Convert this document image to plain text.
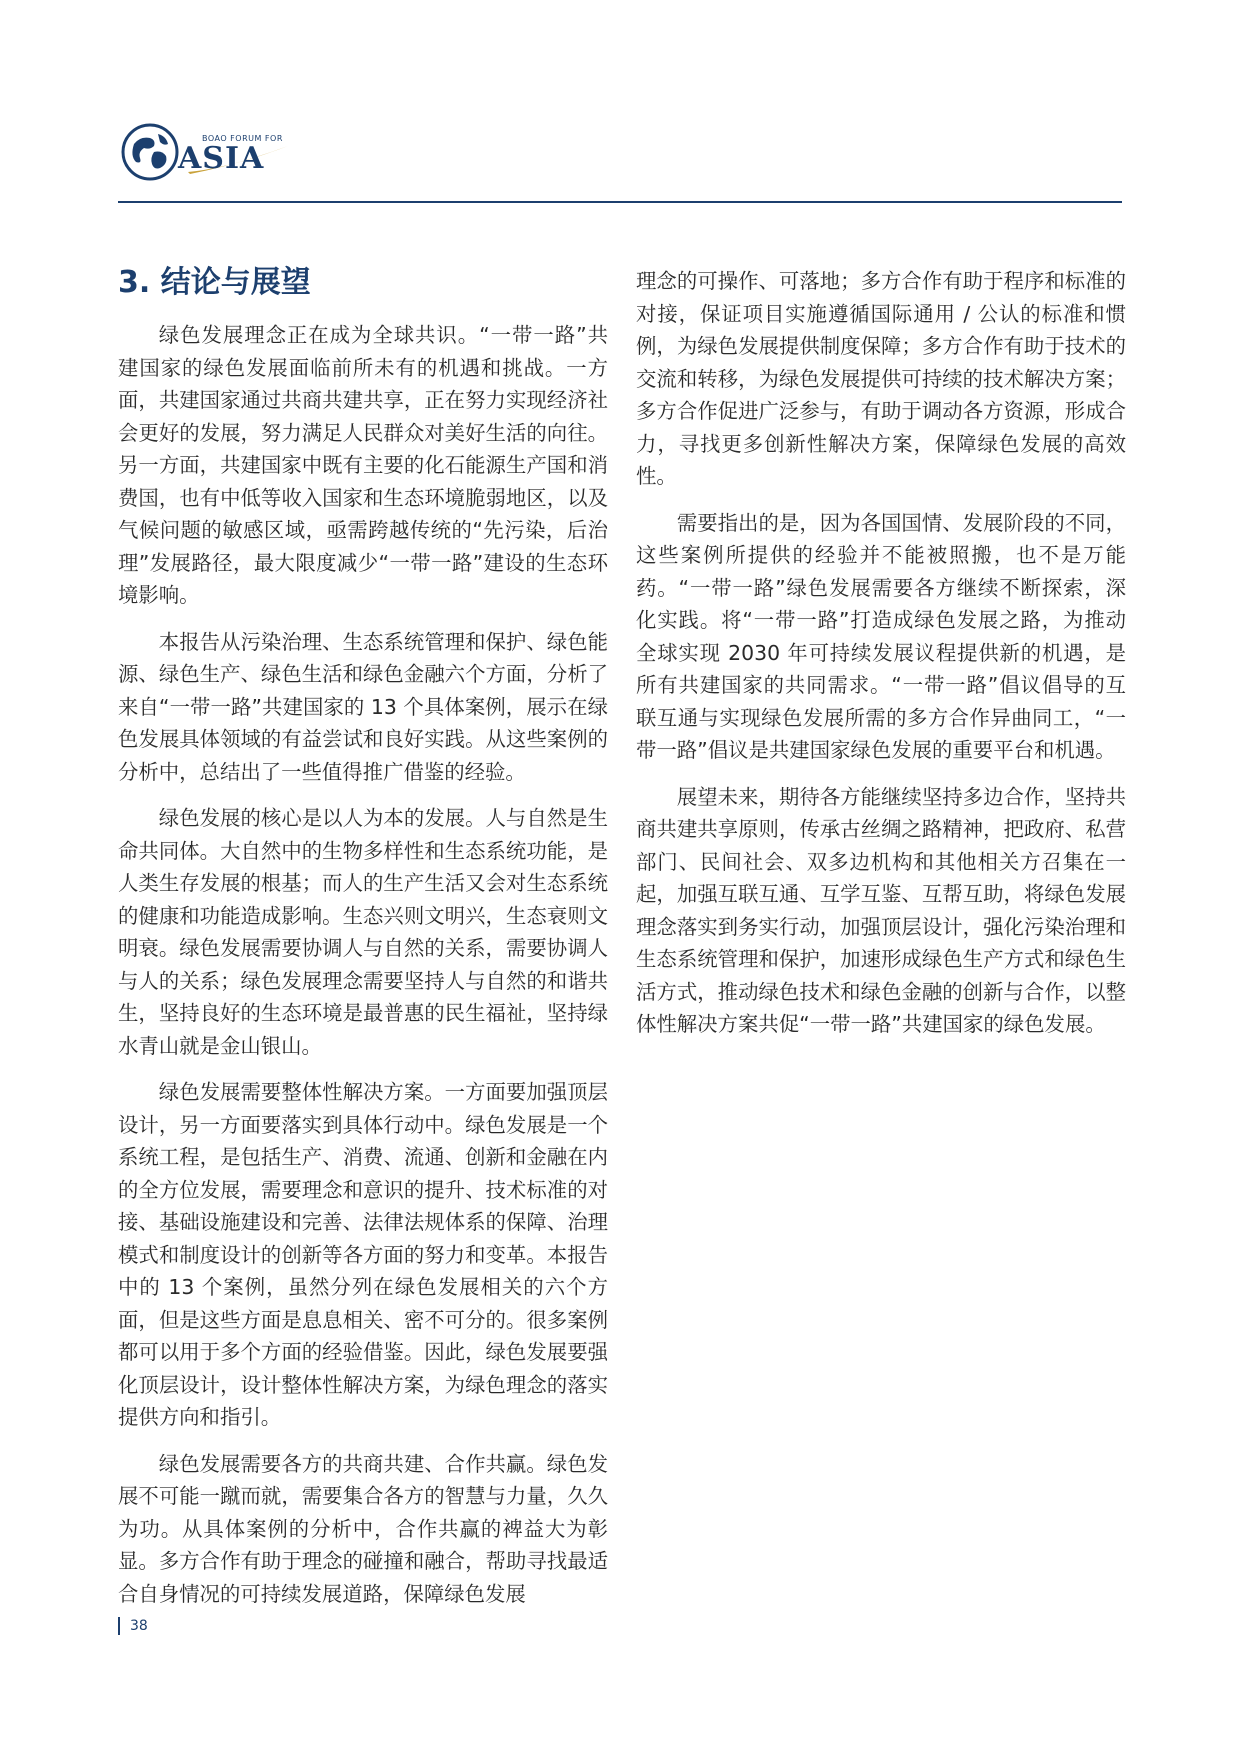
BOAO FORUM FOR
ASIA
3. 结论与展望

绿色发展理念正在成为全球共识。“一带一路”共建国家的绿色发展面临前所未有的机遇和挑战。一方面，共建国家通过共商共建共享，正在努力实现经济社会更好的发展，努力满足人民群众对美好生活的向往。另一方面，共建国家中既有主要的化石能源生产国和消费国，也有中低等收入国家和生态环境脆弱地区，以及气候问题的敏感区域，亟需跨越传统的“先污染，后治理”发展路径，最大限度减少“一带一路”建设的生态环境影响。

本报告从污染治理、生态系统管理和保护、绿色能源、绿色生产、绿色生活和绿色金融六个方面，分析了来自“一带一路”共建国家的 13 个具体案例，展示在绿色发展具体领域的有益尝试和良好实践。从这些案例的分析中，总结出了一些值得推广借鉴的经验。

绿色发展的核心是以人为本的发展。人与自然是生命共同体。大自然中的生物多样性和生态系统功能，是人类生存发展的根基；而人的生产生活又会对生态系统的健康和功能造成影响。生态兴则文明兴，生态衰则文明衰。绿色发展需要协调人与自然的关系，需要协调人与人的关系；绿色发展理念需要坚持人与自然的和谐共生，坚持良好的生态环境是最普惠的民生福祉，坚持绿水青山就是金山银山。

绿色发展需要整体性解决方案。一方面要加强顶层设计，另一方面要落实到具体行动中。绿色发展是一个系统工程，是包括生产、消费、流通、创新和金融在内的全方位发展，需要理念和意识的提升、技术标准的对接、基础设施建设和完善、法律法规体系的保障、治理模式和制度设计的创新等各方面的努力和变革。本报告中的 13 个案例，虽然分列在绿色发展相关的六个方面，但是这些方面是息息相关、密不可分的。很多案例都可以用于多个方面的经验借鉴。因此，绿色发展要强化顶层设计，设计整体性解决方案，为绿色理念的落实提供方向和指引。

绿色发展需要各方的共商共建、合作共赢。绿色发展不可能一蹴而就，需要集合各方的智慧与力量，久久为功。从具体案例的分析中，合作共赢的裨益大为彰显。多方合作有助于理念的碰撞和融合，帮助寻找最适合自身情况的可持续发展道路，保障绿色发展

理念的可操作、可落地；多方合作有助于程序和标准的对接，保证项目实施遵循国际通用 / 公认的标准和惯例，为绿色发展提供制度保障；多方合作有助于技术的交流和转移，为绿色发展提供可持续的技术解决方案；多方合作促进广泛参与，有助于调动各方资源，形成合力，寻找更多创新性解决方案，保障绿色发展的高效性。

需要指出的是，因为各国国情、发展阶段的不同，这些案例所提供的经验并不能被照搬，也不是万能药。“一带一路”绿色发展需要各方继续不断探索，深化实践。将“一带一路”打造成绿色发展之路，为推动全球实现 2030 年可持续发展议程提供新的机遇，是所有共建国家的共同需求。“一带一路”倡议倡导的互联互通与实现绿色发展所需的多方合作异曲同工，“一带一路”倡议是共建国家绿色发展的重要平台和机遇。

展望未来，期待各方能继续坚持多边合作，坚持共商共建共享原则，传承古丝绸之路精神，把政府、私营部门、民间社会、双多边机构和其他相关方召集在一起，加强互联互通、互学互鉴、互帮互助，将绿色发展理念落实到务实行动，加强顶层设计，强化污染治理和生态系统管理和保护，加速形成绿色生产方式和绿色生活方式，推动绿色技术和绿色金融的创新与合作，以整体性解决方案共促“一带一路”共建国家的绿色发展。

38
